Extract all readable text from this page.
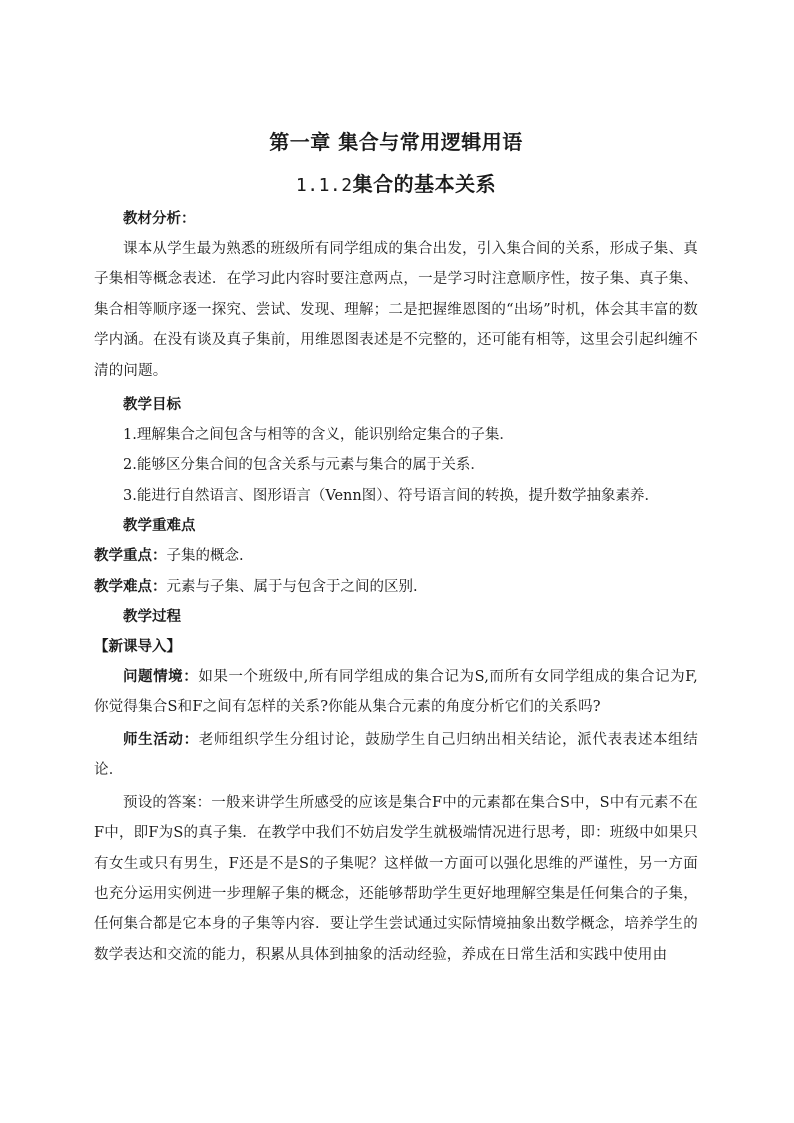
第一章 集合与常用逻辑用语
1.1.2集合的基本关系

教材分析：

课本从学生最为熟悉的班级所有同学组成的集合出发，引入集合间的关系，形成子集、真子集相等概念表述．在学习此内容时要注意两点，一是学习时注意顺序性，按子集、真子集、集合相等顺序逐一探究、尝试、发现、理解；二是把握维恩图的“出场”时机，体会其丰富的数学内涵。在没有谈及真子集前，用维恩图表述是不完整的，还可能有相等，这里会引起纠缠不清的问题。

教学目标

1.理解集合之间包含与相等的含义，能识别给定集合的子集．

2.能够区分集合间的包含关系与元素与集合的属于关系．

3.能进行自然语言、图形语言（Venn图）、符号语言间的转换，提升数学抽象素养．

教学重难点

教学重点：子集的概念.

教学难点：元素与子集、属于与包含于之间的区别.

教学过程

【新课导入】

问题情境：如果一个班级中,所有同学组成的集合记为S,而所有女同学组成的集合记为F,你觉得集合S和F之间有怎样的关系?你能从集合元素的角度分析它们的关系吗?

师生活动：老师组织学生分组讨论，鼓励学生自己归纳出相关结论，派代表表述本组结论．

预设的答案：一般来讲学生所感受的应该是集合F中的元素都在集合S中，S中有元素不在F中，即F为S的真子集．在教学中我们不妨启发学生就极端情况进行思考，即：班级中如果只有女生或只有男生，F还是不是S的子集呢？这样做一方面可以强化思维的严谨性，另一方面也充分运用实例进一步理解子集的概念，还能够帮助学生更好地理解空集是任何集合的子集，任何集合都是它本身的子集等内容．要让学生尝试通过实际情境抽象出数学概念，培养学生的数学表达和交流的能力，积累从具体到抽象的活动经验，养成在日常生活和实践中使用由
